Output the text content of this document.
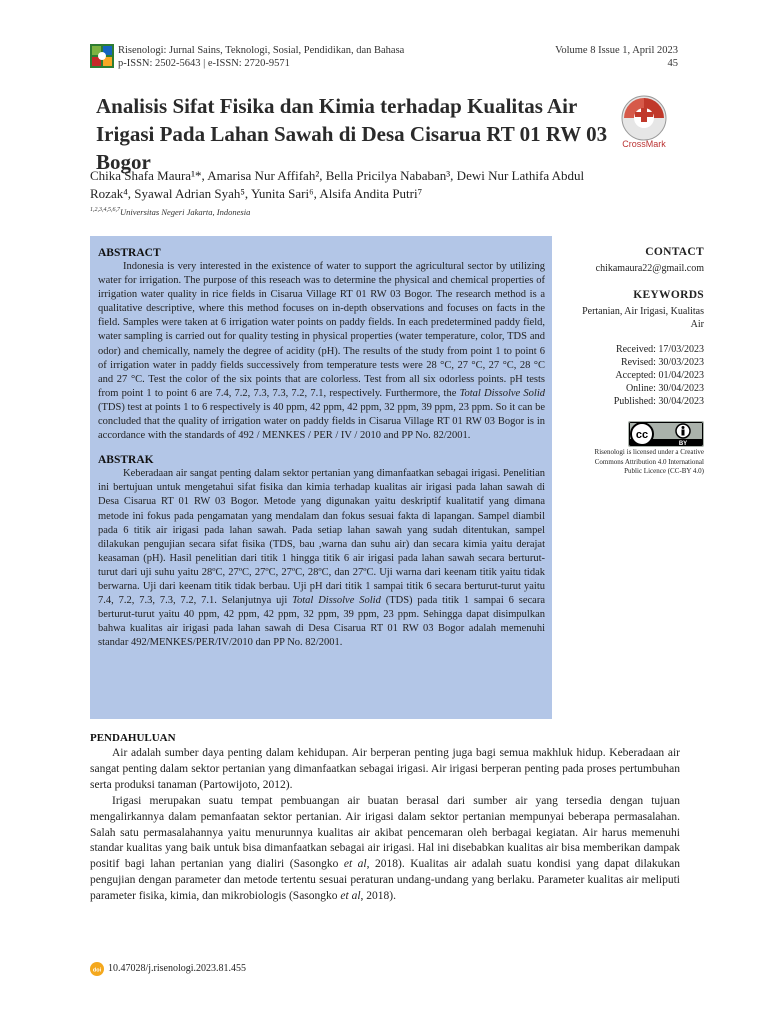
Risenologi: Jurnal Sains, Teknologi, Sosial, Pendidikan, dan Bahasa
p-ISSN: 2502-5643 | e-ISSN: 2720-9571
Volume 8 Issue 1, April 2023
45
Analisis Sifat Fisika dan Kimia terhadap Kualitas Air Irigasi Pada Lahan Sawah di Desa Cisarua RT 01 RW 03 Bogor
CrossMark
Chika Shafa Maura¹*, Amarisa Nur Affifah², Bella Pricilya Nababan³, Dewi Nur Lathifa Abdul
Rozak⁴, Syawal Adrian Syah⁵, Yunita Sari⁶, Alsifa Andita Putri⁷
$^{1,2,3,4,5,6,7}$Universitas Negeri Jakarta, Indonesia
ABSTRACT

Indonesia is very interested in the existence of water to support the agricultural sector by utilizing water for irrigation. The purpose of this reseach was to determine the physical and chemical properties of irrigation water quality in rice fields in Cisarua Village RT 01 RW 03 Bogor. The research method is a qualitative descriptive, where this method focuses on in-depth observations and focuses on facts in the field. Samples were taken at 6 irrigation water points on paddy fields. In each predetermined paddy field, water sampling is carried out for quality testing in physical properties (water temperature, color, TDS and odor) and chemically, namely the degree of acidity (pH). The results of the study from point 1 to point 6 of irrigation water in paddy fields successively from temperature tests were 28 °C, 27 °C, 27 °C, 28 °C and 27 °C. Test the color of the six points that are colorless. Test from all six odorless points. pH tests from point 1 to point 6 are 7.4, 7.2, 7.3, 7.3, 7.2, 7.1, respectively. Furthermore, the Total Dissolve Solid (TDS) test at points 1 to 6 respectively is 40 ppm, 42 ppm, 42 ppm, 32 ppm, 39 ppm, 23 ppm. So it can be concluded that the quality of irrigation water on paddy fields in Cisarua Village RT 01 RW 03 Bogor is in accordance with the standards of 492 / MENKES / PER / IV / 2010 and PP No. 82/2001.

ABSTRAK

Keberadaan air sangat penting dalam sektor pertanian yang dimanfaatkan sebagai irigasi. Penelitian ini bertujuan untuk mengetahui sifat fisika dan kimia terhadap kualitas air irigasi pada lahan sawah di Desa Cisarua RT 01 RW 03 Bogor. Metode yang digunakan yaitu deskriptif kualitatif yang dimana metode ini fokus pada pengamatan yang mendalam dan fokus sesuai fakta di lapangan. Sampel diambil pada 6 titik air irigasi pada lahan sawah. Pada setiap lahan sawah yang sudah ditentukan, sampel dilakukan pengujian secara sifat fisika (TDS, bau ,warna dan suhu air) dan secara kimia yaitu derajat keasaman (pH). Hasil penelitian dari titik 1 hingga titik 6 air irigasi pada lahan sawah secara berturut-turut dari uji suhu yaitu 28ºC, 27ºC, 27ºC, 27ºC, 28ºC, dan 27ºC. Uji warna dari keenam titik yaitu tidak berwarna. Uji dari keenam titik tidak berbau. Uji pH dari titik 1 sampai titik 6 secara berturut-turut yaitu 7.4, 7.2, 7.3, 7.3, 7.2, 7.1. Selanjutnya uji Total Dissolve Solid (TDS) pada titik 1 sampai 6 secara berturut-turut yaitu 40 ppm, 42 ppm, 42 ppm, 32 ppm, 39 ppm, 23 ppm. Sehingga dapat disimpulkan bahwa kualitas air irigasi pada lahan sawah di Desa Cisarua RT 01 RW 03 Bogor adalah memenuhi standar 492/MENKES/PER/IV/2010 dan PP No. 82/2001.

CONTACT
chikamaura22@gmail.com
KEYWORDS
Pertanian, Air Irigasi, Kualitas
Air
Received: 17/03/2023
Revised: 30/03/2023
Accepted: 01/04/2023
Online: 30/04/2023
Published: 30/04/2023
cc
BY
Risenologi is licensed under a Creative
Commons Attribution 4.0 International
Public Licence (CC-BY 4.0)
PENDAHULUAN

Air adalah sumber daya penting dalam kehidupan. Air berperan penting juga bagi semua makhluk hidup. Keberadaan air sangat penting dalam sektor pertanian yang dimanfaatkan sebagai irigasi. Air irigasi berperan penting pada proses pertumbuhan serta produksi tanaman (Partowijoto, 2012).

Irigasi merupakan suatu tempat pembuangan air buatan berasal dari sumber air yang tersedia dengan tujuan mengalirkannya dalam pemanfaatan sektor pertanian. Air irigasi dalam sektor pertanian mempunyai beberapa permasalahan. Salah satu permasalahannya yaitu menurunnya kualitas air akibat pencemaran oleh berbagai kegiatan. Air harus memenuhi standar kualitas yang baik untuk bisa dimanfaatkan sebagai air irigasi. Hal ini disebabkan kualitas air bisa memberikan dampak positif bagi lahan pertanian yang dialiri (Sasongko et al, 2018). Kualitas air adalah suatu kondisi yang dapat dilakukan pengujian dengan parameter dan metode tertentu sesuai peraturan undang-undang yang berlaku. Parameter kualitas air meliputi parameter fisika, kimia, dan mikrobiologis (Sasongko et al, 2018).

doi 10.47028/j.risenologi.2023.81.455
